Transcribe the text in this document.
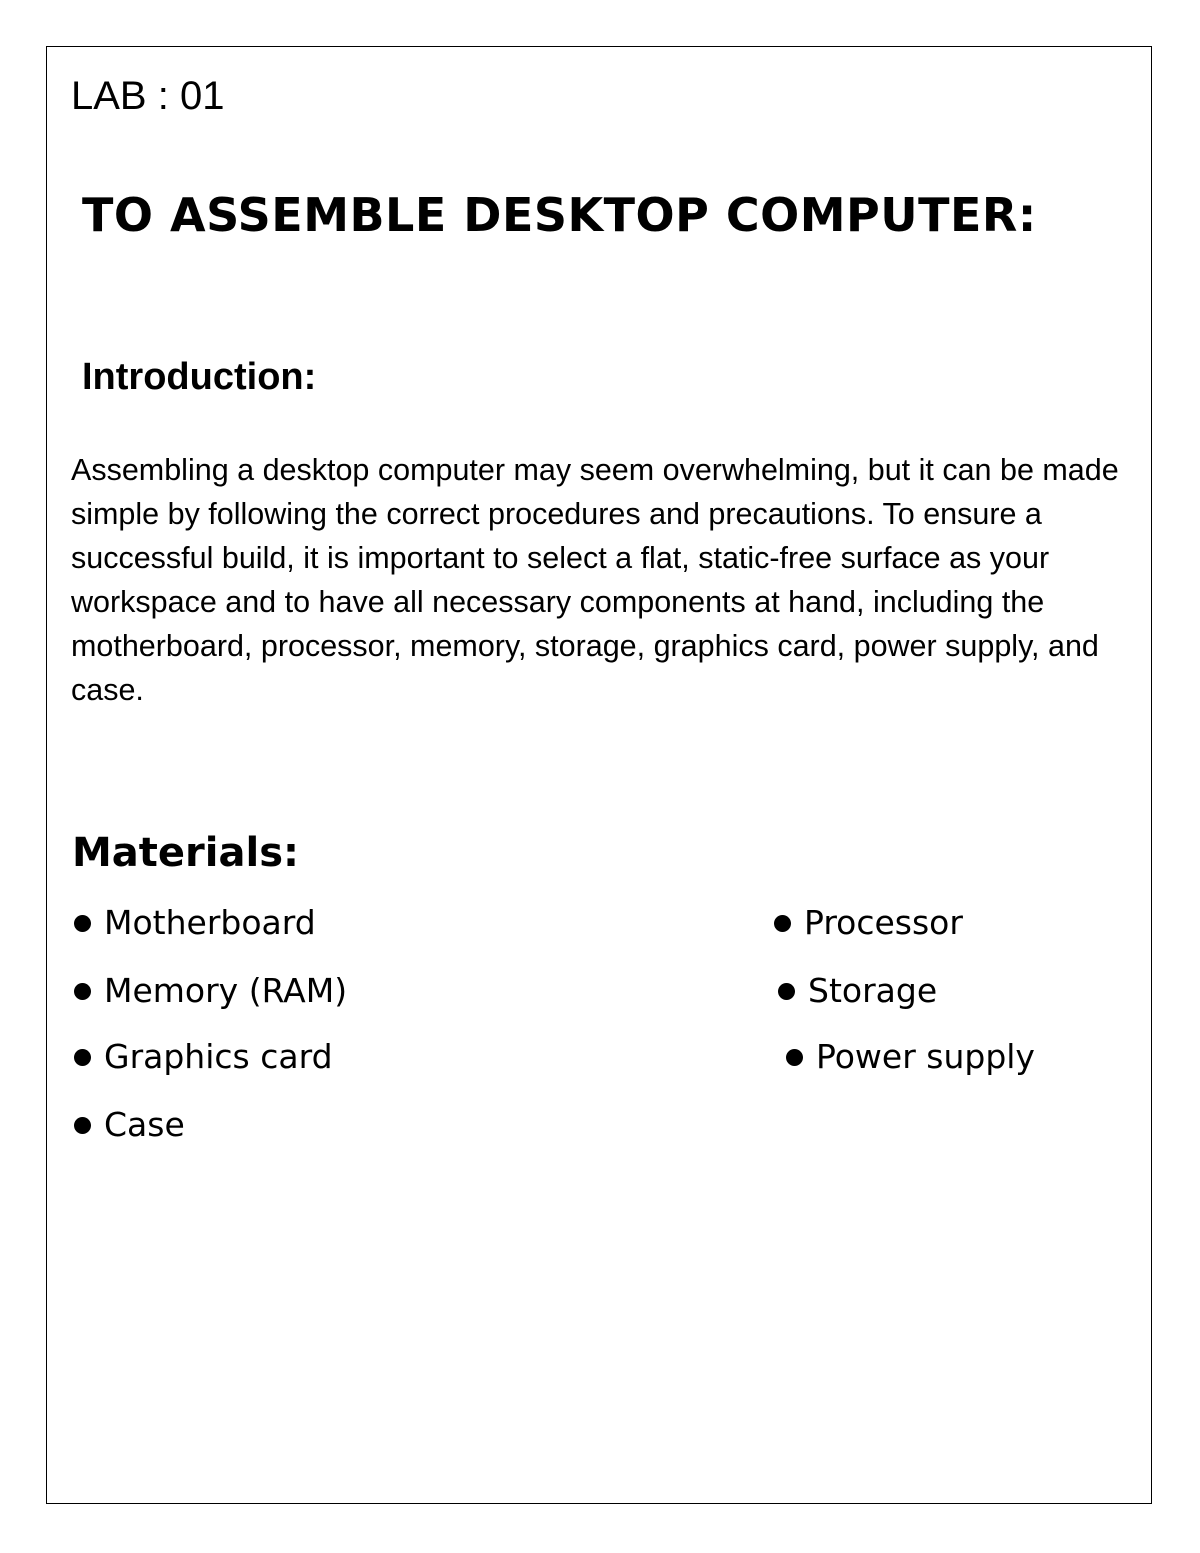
LAB : 01

TO ASSEMBLE DESKTOP COMPUTER:
Introduction:

Assembling a desktop computer may seem overwhelming, but it can be made simple by following the correct procedures and precautions. To ensure a successful build, it is important to select a flat, static-free surface as your workspace and to have all necessary components at hand, including the motherboard, processor, memory, storage, graphics card, power supply, and case.

Materials:
Motherboard	Processor
Memory (RAM)	Storage
Graphics card	Power supply
Case
